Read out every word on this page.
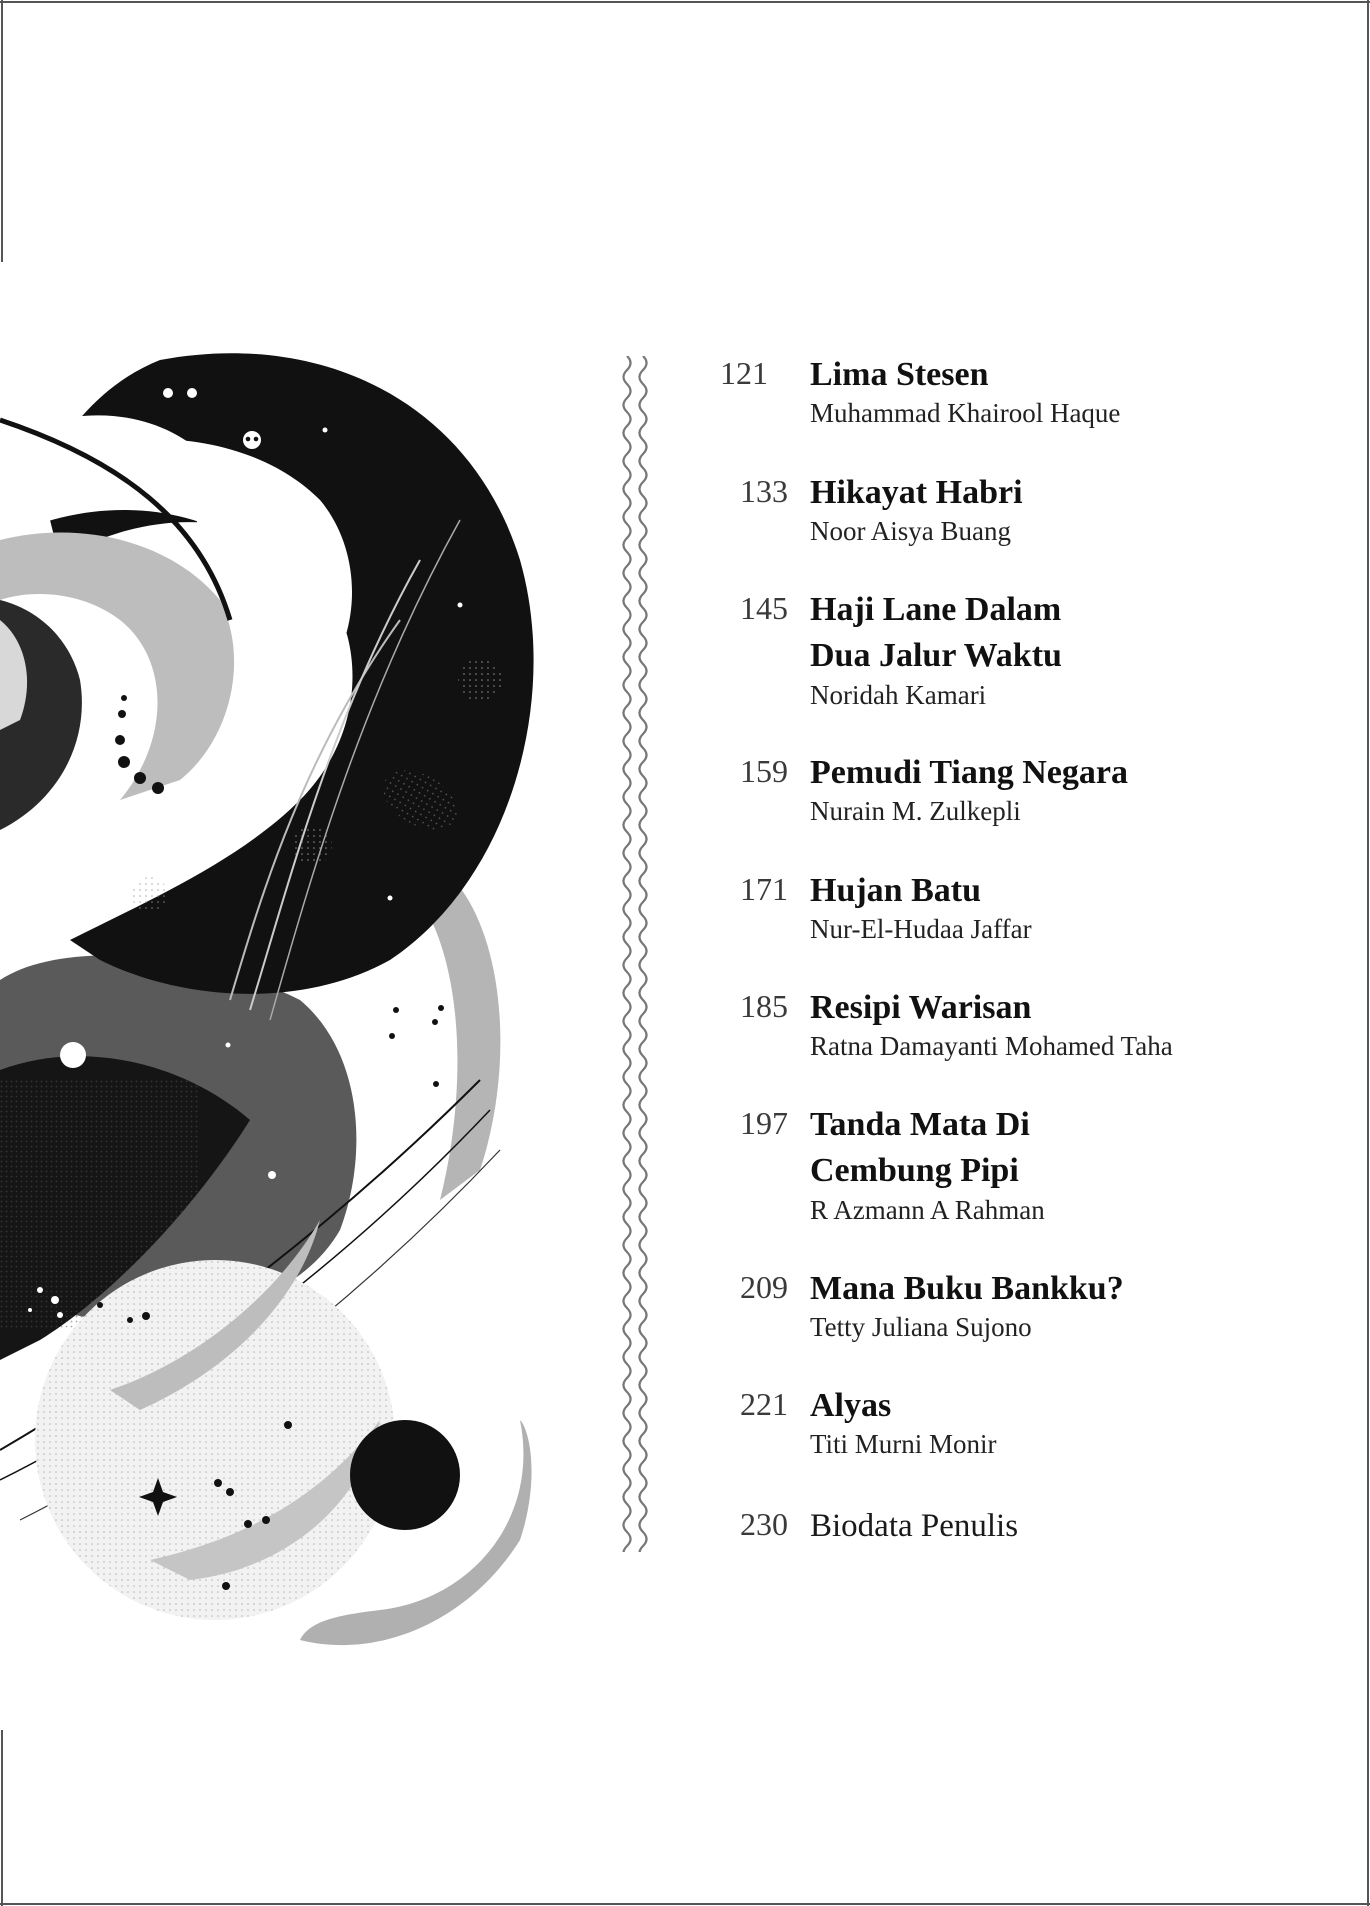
121 Lima Stesen
Muhammad Khairool Haque
133 Hikayat Habri
Noor Aisya Buang
145 Haji Lane Dalam Dua Jalur Waktu
Noridah Kamari
159 Pemudi Tiang Negara
Nurain M. Zulkepli
171 Hujan Batu
Nur-El-Hudaa Jaffar
185 Resipi Warisan
Ratna Damayanti Mohamed Taha
197 Tanda Mata Di Cembung Pipi
R Azmann A Rahman
209 Mana Buku Bankku?
Tetty Juliana Sujono
221 Alyas
Titi Murni Monir
230 Biodata Penulis
